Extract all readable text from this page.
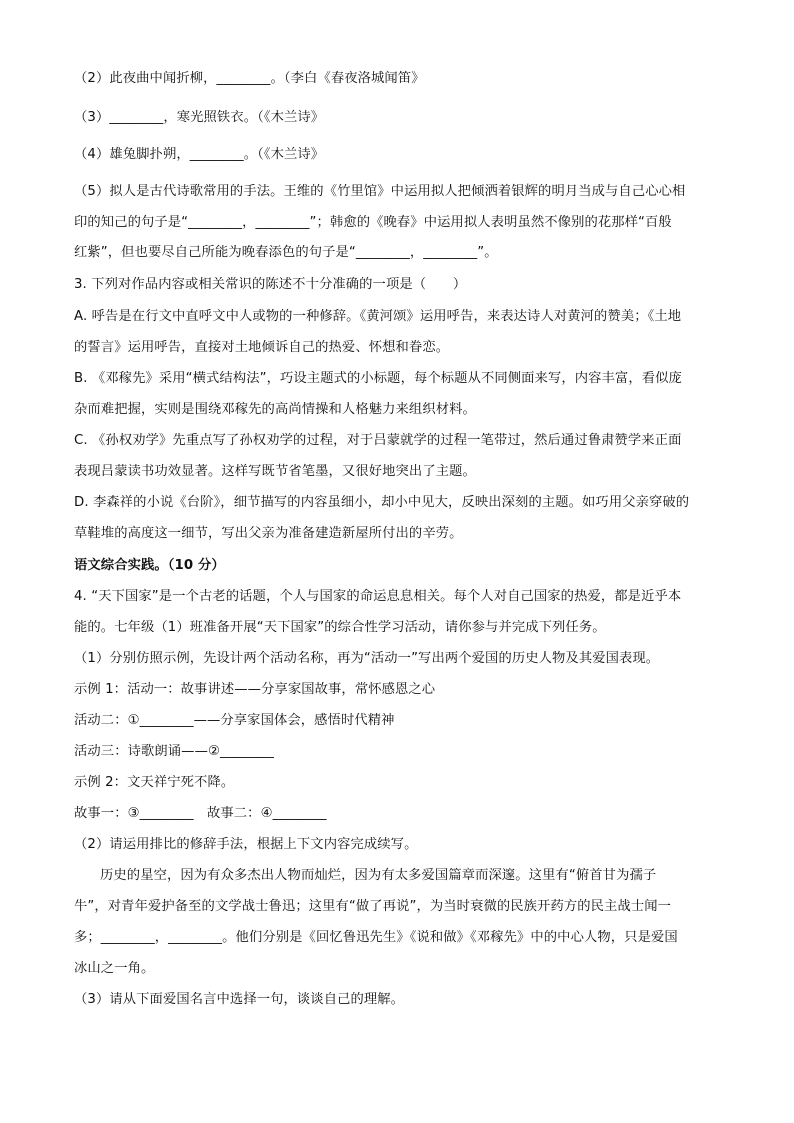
（2）此夜曲中闻折柳，________。（李白《春夜洛城闻笛》
（3）________，寒光照铁衣。（《木兰诗》
（4）雄兔脚扑朔，________。（《木兰诗》
（5）拟人是古代诗歌常用的手法。王维的《竹里馆》中运用拟人把倾洒着银辉的明月当成与自己心心相
印的知己的句子是“________，________”；韩愈的《晚春》中运用拟人表明虽然不像别的花那样“百般
红紫”，但也要尽自己所能为晚春添色的句子是“________，________”。
3. 下列对作品内容或相关常识的陈述不十分准确的一项是（　　）
A. 呼告是在行文中直呼文中人或物的一种修辞。《黄河颂》运用呼告，来表达诗人对黄河的赞美；《土地
的誓言》运用呼告，直接对土地倾诉自己的热爱、怀想和眷恋。
B. 《邓稼先》采用“横式结构法”，巧设主题式的小标题，每个标题从不同侧面来写，内容丰富，看似庞
杂而难把握，实则是围绕邓稼先的高尚情操和人格魅力来组织材料。
C. 《孙权劝学》先重点写了孙权劝学的过程，对于吕蒙就学的过程一笔带过，然后通过鲁肃赞学来正面
表现吕蒙读书功效显著。这样写既节省笔墨，又很好地突出了主题。
D. 李森祥的小说《台阶》，细节描写的内容虽细小，却小中见大，反映出深刻的主题。如巧用父亲穿破的
草鞋堆的高度这一细节，写出父亲为准备建造新屋所付出的辛劳。
语文综合实践。（10 分）
4. “天下国家”是一个古老的话题，个人与国家的命运息息相关。每个人对自己国家的热爱，都是近乎本
能的。七年级（1）班准备开展“天下国家”的综合性学习活动，请你参与并完成下列任务。
（1）分别仿照示例，先设计两个活动名称，再为“活动一”写出两个爱国的历史人物及其爱国表现。
示例 1：活动一：故事讲述——分享家国故事，常怀感恩之心
活动二：①________——分享家国体会，感悟时代精神
活动三：诗歌朗诵——②________
示例 2：文天祥宁死不降。
故事一：③________　故事二：④________
（2）请运用排比的修辞手法，根据上下文内容完成续写。
历史的星空，因为有众多杰出人物而灿烂，因为有太多爱国篇章而深邃。这里有“俯首甘为孺子
牛”，对青年爱护备至的文学战士鲁迅；这里有“做了再说”，为当时衰微的民族开药方的民主战士闻一
多；________，________。他们分别是《回忆鲁迅先生》《说和做》《邓稼先》中的中心人物，只是爱国
冰山之一角。
（3）请从下面爱国名言中选择一句，谈谈自己的理解。
